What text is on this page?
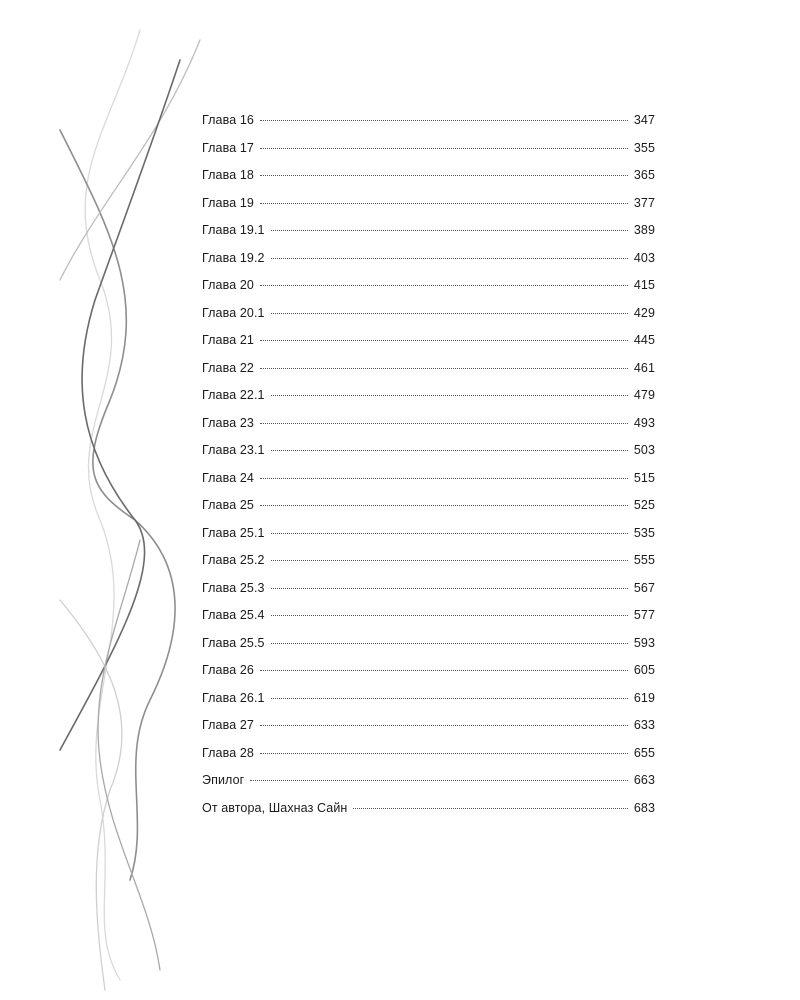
Глава 16	347
Глава 17	355
Глава 18	365
Глава 19	377
Глава 19.1	389
Глава 19.2	403
Глава 20	415
Глава 20.1	429
Глава 21	445
Глава 22	461
Глава 22.1	479
Глава 23	493
Глава 23.1	503
Глава 24	515
Глава 25	525
Глава 25.1	535
Глава 25.2	555
Глава 25.3	567
Глава 25.4	577
Глава 25.5	593
Глава 26	605
Глава 26.1	619
Глава 27	633
Глава 28	655
Эпилог	663
От автора, Шахназ Сайн	683
